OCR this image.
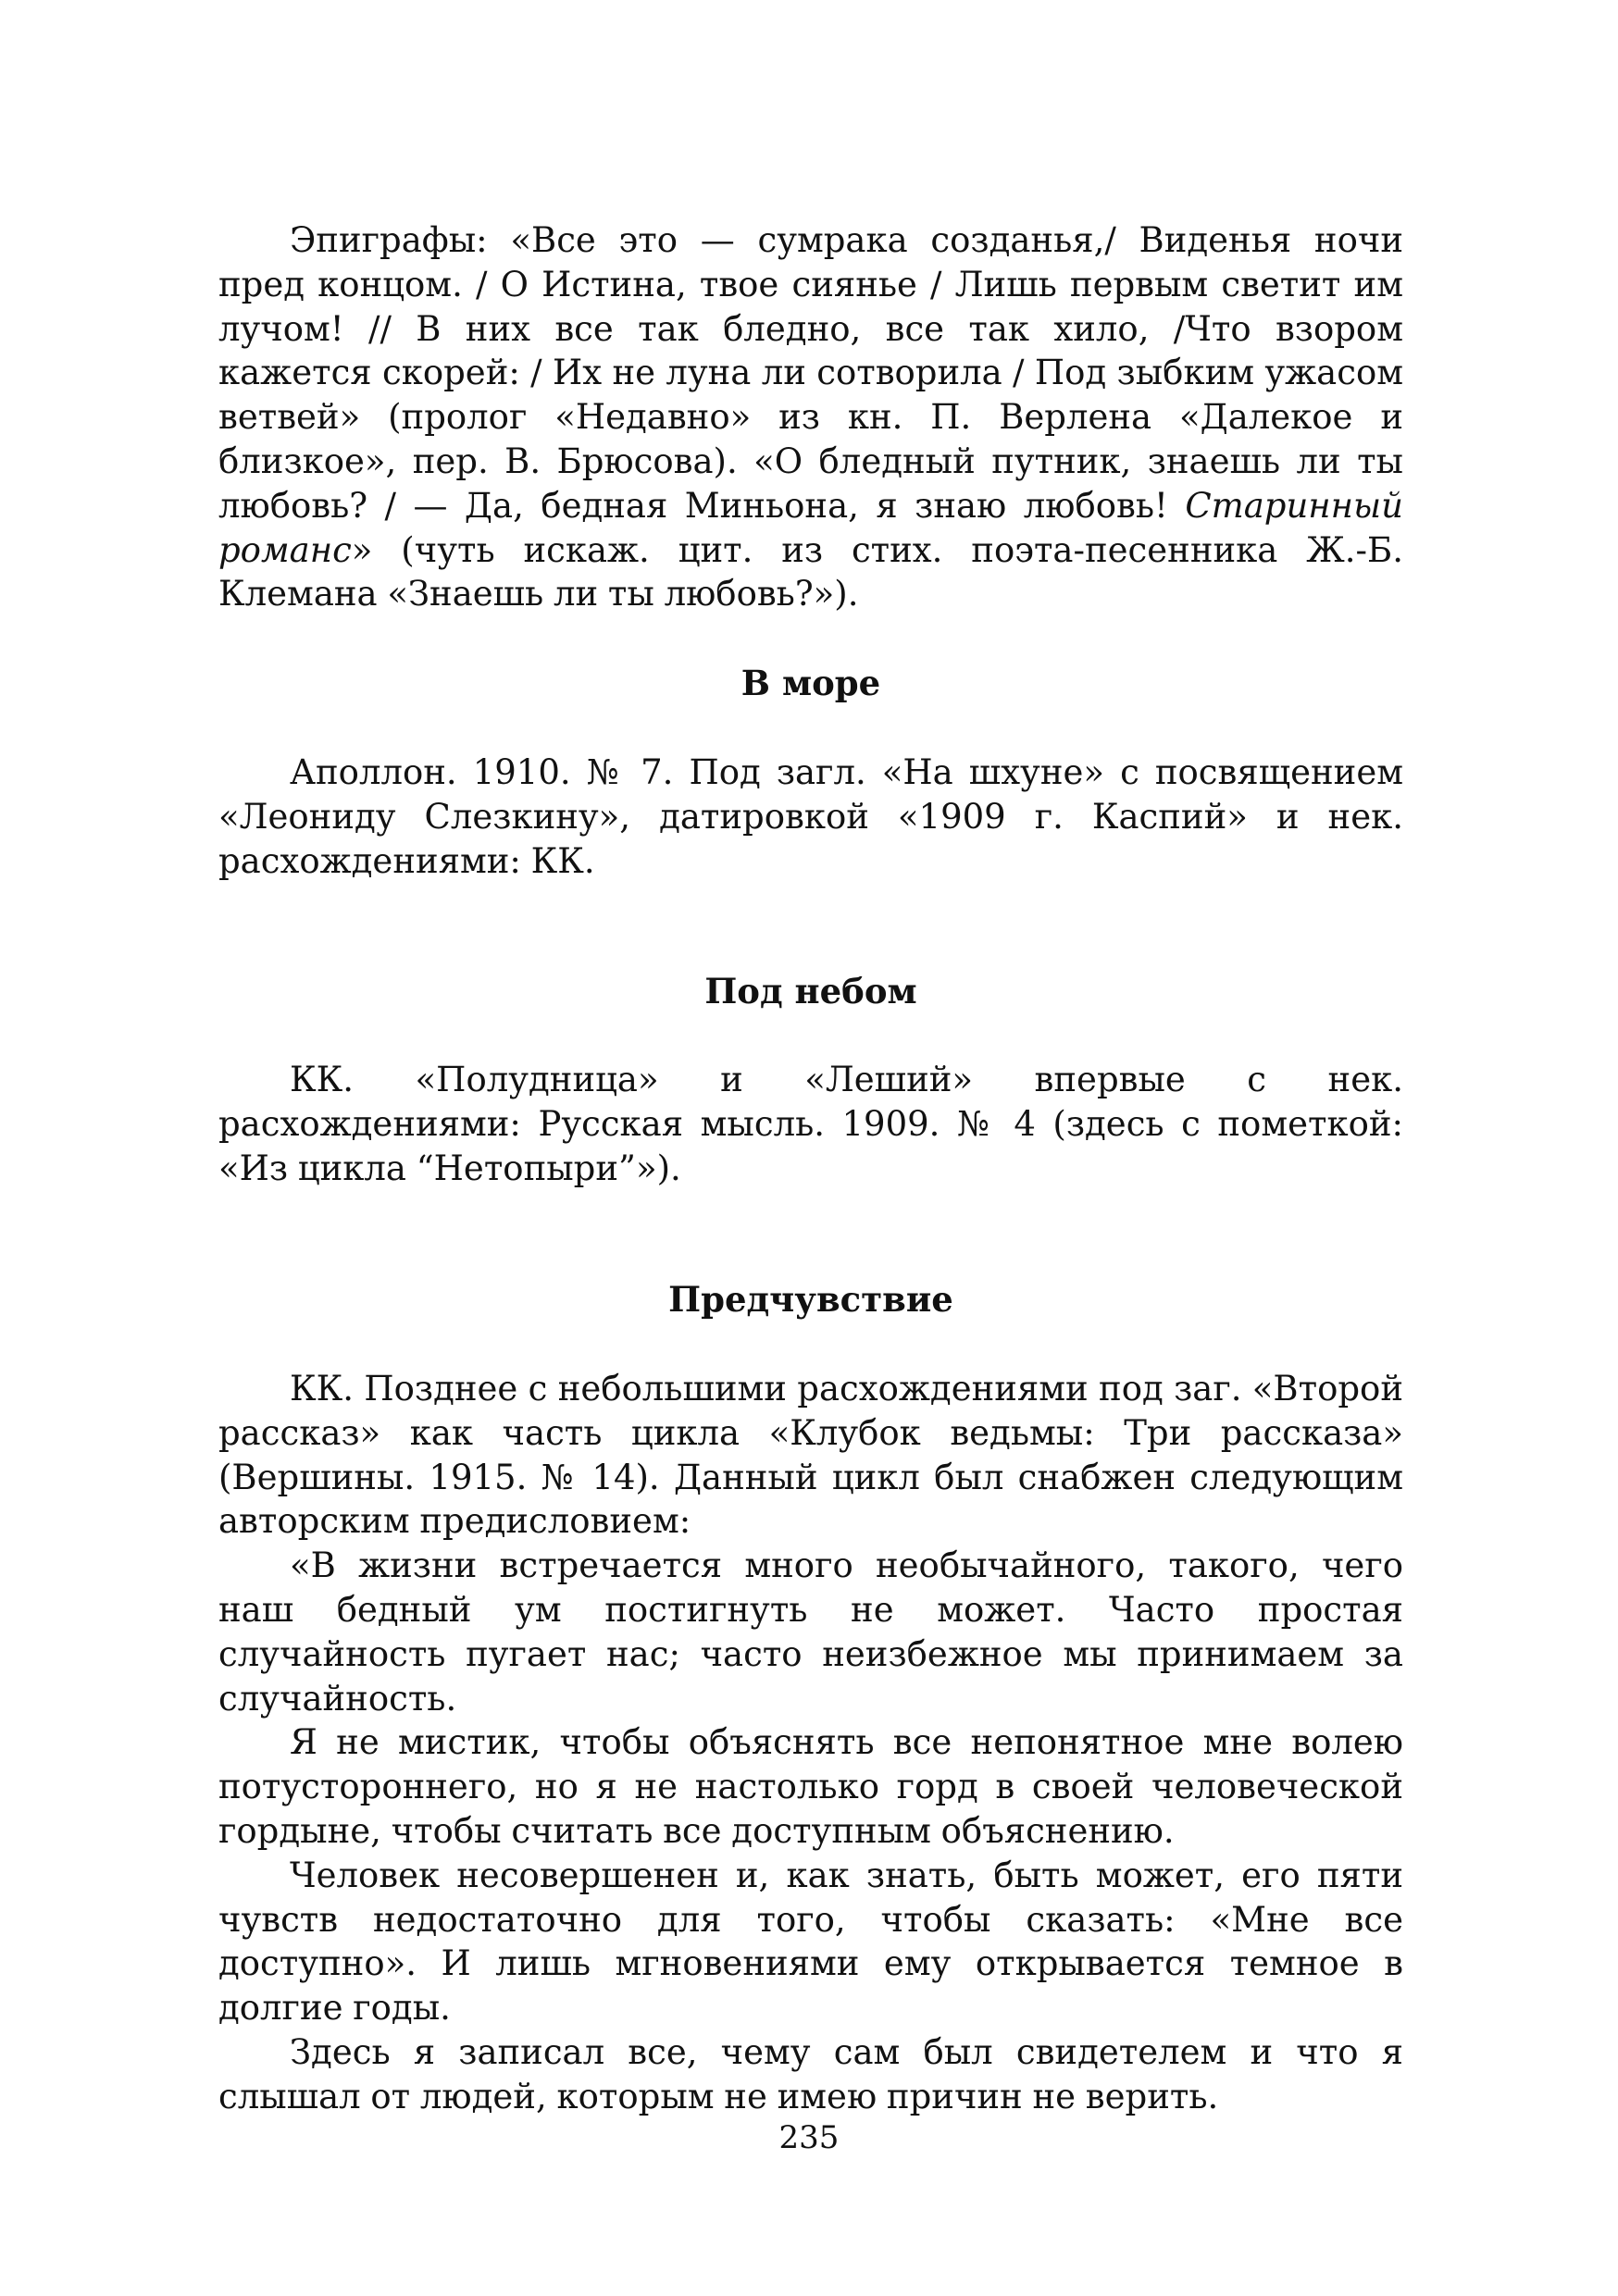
Эпиграфы: «Все это — сумрака созданья,/ Виденья ночи пред концом. / О Истина, твое сиянье / Лишь первым светит им лучом! // В них все так бледно, все так хило, /Что взором кажется скорей: / Их не луна ли сотворила / Под зыбким ужасом ветвей» (пролог «Недавно» из кн. П. Верлена «Далекое и близкое», пер. В. Брюсова). «О бледный путник, знаешь ли ты любовь? / — Да, бедная Миньона, я знаю любовь! Старинный романс» (чуть искаж. цит. из стих. поэта-песенника Ж.-Б. Клемана «Знаешь ли ты любовь?»).

В море

Аполлон. 1910. № 7. Под загл. «На шхуне» с посвящением «Леониду Слезкину», датировкой «1909 г. Каспий» и нек. расхождениями: КК.

Под небом

КК. «Полудница» и «Леший» впервые с нек. расхождениями: Русская мысль. 1909. № 4 (здесь с пометкой: «Из цикла “Нетопыри”»).

Предчувствие

КК. Позднее с небольшими расхождениями под заг. «Второй рассказ» как часть цикла «Клубок ведьмы: Три рассказа» (Вершины. 1915. № 14). Данный цикл был снабжен следующим авторским предисловием:

«В жизни встречается много необычайного, такого, чего наш бедный ум постигнуть не может. Часто простая случайность пугает нас; часто неизбежное мы принимаем за случайность.

Я не мистик, чтобы объяснять все непонятное мне волею потустороннего, но я не настолько горд в своей человеческой гордыне, чтобы считать все доступным объяснению.

Человек несовершенен и, как знать, быть может, его пяти чувств недостаточно для того, чтобы сказать: «Мне все доступно». И лишь мгновениями ему открывается темное в долгие годы.

Здесь я записал все, чему сам был свидетелем и что я слышал от людей, которым не имею причин не верить.

235
